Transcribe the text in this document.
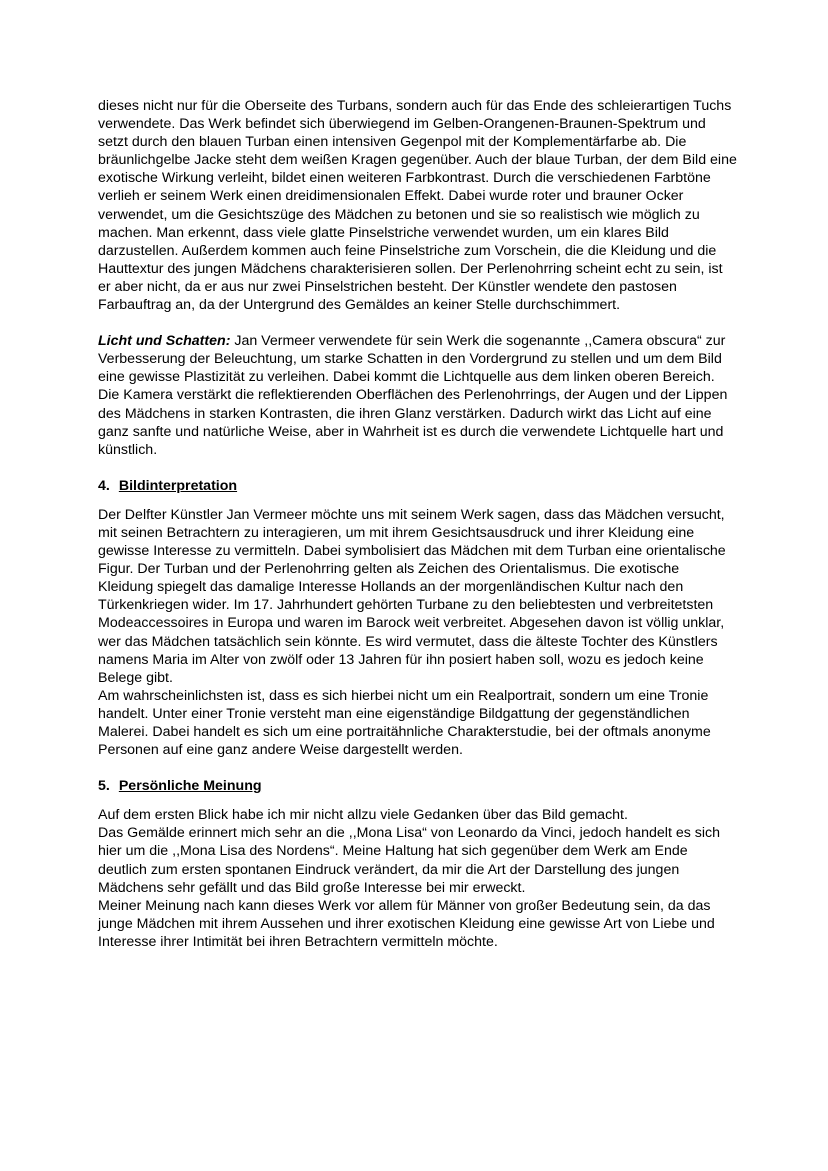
dieses nicht nur für die Oberseite des Turbans, sondern auch für das Ende des schleierartigen Tuchs verwendete. Das Werk befindet sich überwiegend im Gelben-Orangenen-Braunen-Spektrum und setzt durch den blauen Turban einen intensiven Gegenpol mit der Komplementärfarbe ab. Die bräunlichgelbe Jacke steht dem weißen Kragen gegenüber. Auch der blaue Turban, der dem Bild eine exotische Wirkung verleiht, bildet einen weiteren Farbkontrast. Durch die verschiedenen Farbtöne verlieh er seinem Werk einen dreidimensionalen Effekt. Dabei wurde roter und brauner Ocker verwendet, um die Gesichtszüge des Mädchen zu betonen und sie so realistisch wie möglich zu machen. Man erkennt, dass viele glatte Pinselstriche verwendet wurden, um ein klares Bild darzustellen. Außerdem kommen auch feine Pinselstriche zum Vorschein, die die Kleidung und die Hauttextur des jungen Mädchens charakterisieren sollen. Der Perlenohrring scheint echt zu sein, ist er aber nicht, da er aus nur zwei Pinselstrichen besteht. Der Künstler wendete den pastosen Farbauftrag an, da der Untergrund des Gemäldes an keiner Stelle durchschimmert.

Licht und Schatten: Jan Vermeer verwendete für sein Werk die sogenannte ,,Camera obscura“ zur Verbesserung der Beleuchtung, um starke Schatten in den Vordergrund zu stellen und um dem Bild eine gewisse Plastizität zu verleihen. Dabei kommt die Lichtquelle aus dem linken oberen Bereich. Die Kamera verstärkt die reflektierenden Oberflächen des Perlenohrrings, der Augen und der Lippen des Mädchens in starken Kontrasten, die ihren Glanz verstärken. Dadurch wirkt das Licht auf eine ganz sanfte und natürliche Weise, aber in Wahrheit ist es durch die verwendete Lichtquelle hart und künstlich.

4. Bildinterpretation

Der Delfter Künstler Jan Vermeer möchte uns mit seinem Werk sagen, dass das Mädchen versucht, mit seinen Betrachtern zu interagieren, um mit ihrem Gesichtsausdruck und ihrer Kleidung eine gewisse Interesse zu vermitteln. Dabei symbolisiert das Mädchen mit dem Turban eine orientalische Figur. Der Turban und der Perlenohrring gelten als Zeichen des Orientalismus. Die exotische Kleidung spiegelt das damalige Interesse Hollands an der morgenländischen Kultur nach den Türkenkriegen wider. Im 17. Jahrhundert gehörten Turbane zu den beliebtesten und verbreitetsten Modeaccessoires in Europa und waren im Barock weit verbreitet. Abgesehen davon ist völlig unklar, wer das Mädchen tatsächlich sein könnte. Es wird vermutet, dass die älteste Tochter des Künstlers namens Maria im Alter von zwölf oder 13 Jahren für ihn posiert haben soll, wozu es jedoch keine Belege gibt.

Am wahrscheinlichsten ist, dass es sich hierbei nicht um ein Realportrait, sondern um eine Tronie handelt. Unter einer Tronie versteht man eine eigenständige Bildgattung der gegenständlichen Malerei. Dabei handelt es sich um eine portraitähnliche Charakterstudie, bei der oftmals anonyme Personen auf eine ganz andere Weise dargestellt werden.

5. Persönliche Meinung

Auf dem ersten Blick habe ich mir nicht allzu viele Gedanken über das Bild gemacht.

Das Gemälde erinnert mich sehr an die ,,Mona Lisa“ von Leonardo da Vinci, jedoch handelt es sich hier um die ,,Mona Lisa des Nordens“. Meine Haltung hat sich gegenüber dem Werk am Ende deutlich zum ersten spontanen Eindruck verändert, da mir die Art der Darstellung des jungen Mädchens sehr gefällt und das Bild große Interesse bei mir erweckt.

Meiner Meinung nach kann dieses Werk vor allem für Männer von großer Bedeutung sein, da das junge Mädchen mit ihrem Aussehen und ihrer exotischen Kleidung eine gewisse Art von Liebe und Interesse ihrer Intimität bei ihren Betrachtern vermitteln möchte.
